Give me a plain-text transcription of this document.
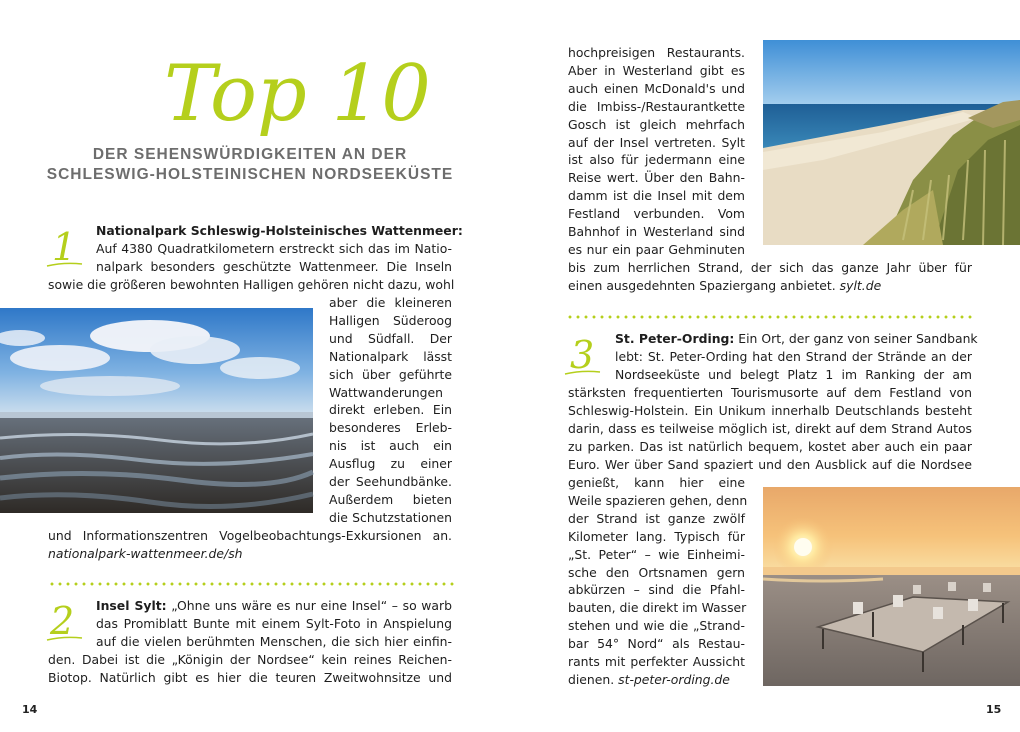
Top 10
DER SEHENSWÜRDIGKEITEN AN DER
SCHLESWIG-HOLSTEINISCHEN NORDSEEKÜSTE
1 Nationalpark Schleswig-Holsteinisches Wattenmeer:
Auf 4380 Quadratkilometern erstreckt sich das im Natio-
nalpark besonders geschützte Wattenmeer. Die Inseln
sowie die größeren bewohnten Halligen gehören nicht dazu, wohl
aber die kleineren
Halligen Süderoog
und Südfall. Der
Nationalpark lässt
sich über geführte
Wattwanderungen
direkt erleben. Ein
besonderes Erleb-
nis ist auch ein
Ausflug zu einer
der Seehundbänke.
Außerdem bieten
die Schutzstationen
und Informationszentren Vogelbeobachtungs-Exkursionen an.
nationalpark-wattenmeer.de/sh
2 Insel Sylt: „Ohne uns wäre es nur eine Insel“ – so warb
das Promiblatt Bunte mit einem Sylt-Foto in Anspielung
auf die vielen berühmten Menschen, die sich hier einfin-
den. Dabei ist die „Königin der Nordsee“ kein reines Reichen-
Biotop. Natürlich gibt es hier die teuren Zweitwohnsitze und
14
hochpreisigen Restaurants.
Aber in Westerland gibt es
auch einen McDonald's und
die Imbiss-/Restaurantkette
Gosch ist gleich mehrfach
auf der Insel vertreten. Sylt
ist also für jedermann eine
Reise wert. Über den Bahn-
damm ist die Insel mit dem
Festland verbunden. Vom
Bahnhof in Westerland sind
es nur ein paar Gehminuten
bis zum herrlichen Strand, der sich das ganze Jahr über für
einen ausgedehnten Spaziergang anbietet. sylt.de
3 St. Peter-Ording: Ein Ort, der ganz von seiner Sandbank
lebt: St. Peter-Ording hat den Strand der Strände an der
Nordseeküste und belegt Platz 1 im Ranking der am
stärksten frequentierten Tourismusorte auf dem Festland von
Schleswig-Holstein. Ein Unikum innerhalb Deutschlands besteht
darin, dass es teilweise möglich ist, direkt auf dem Strand Autos
zu parken. Das ist natürlich bequem, kostet aber auch ein paar
Euro. Wer über Sand spaziert und den Ausblick auf die Nordsee
genießt, kann hier eine
Weile spazieren gehen, denn
der Strand ist ganze zwölf
Kilometer lang. Typisch für
„St. Peter“ – wie Einheimi-
sche den Ortsnamen gern
abkürzen – sind die Pfahl-
bauten, die direkt im Wasser
stehen und wie die „Strand-
bar 54° Nord“ als Restau-
rants mit perfekter Aussicht
dienen. st-peter-ording.de
15
